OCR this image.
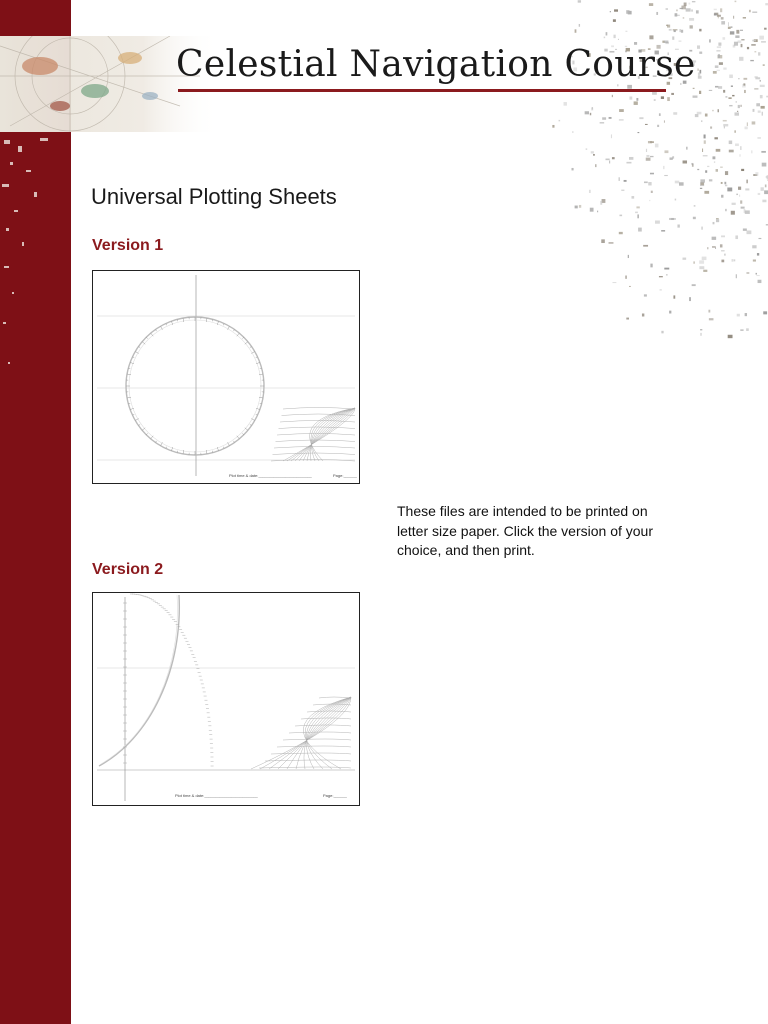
Celestial Navigation Course
Universal Plotting Sheets
Version 1
Plot time & date:________________________	Page:______
These files are intended to be printed on letter size paper. Click the version of your choice, and then print.
Version 2
Plot time & date:________________________	Page:______
